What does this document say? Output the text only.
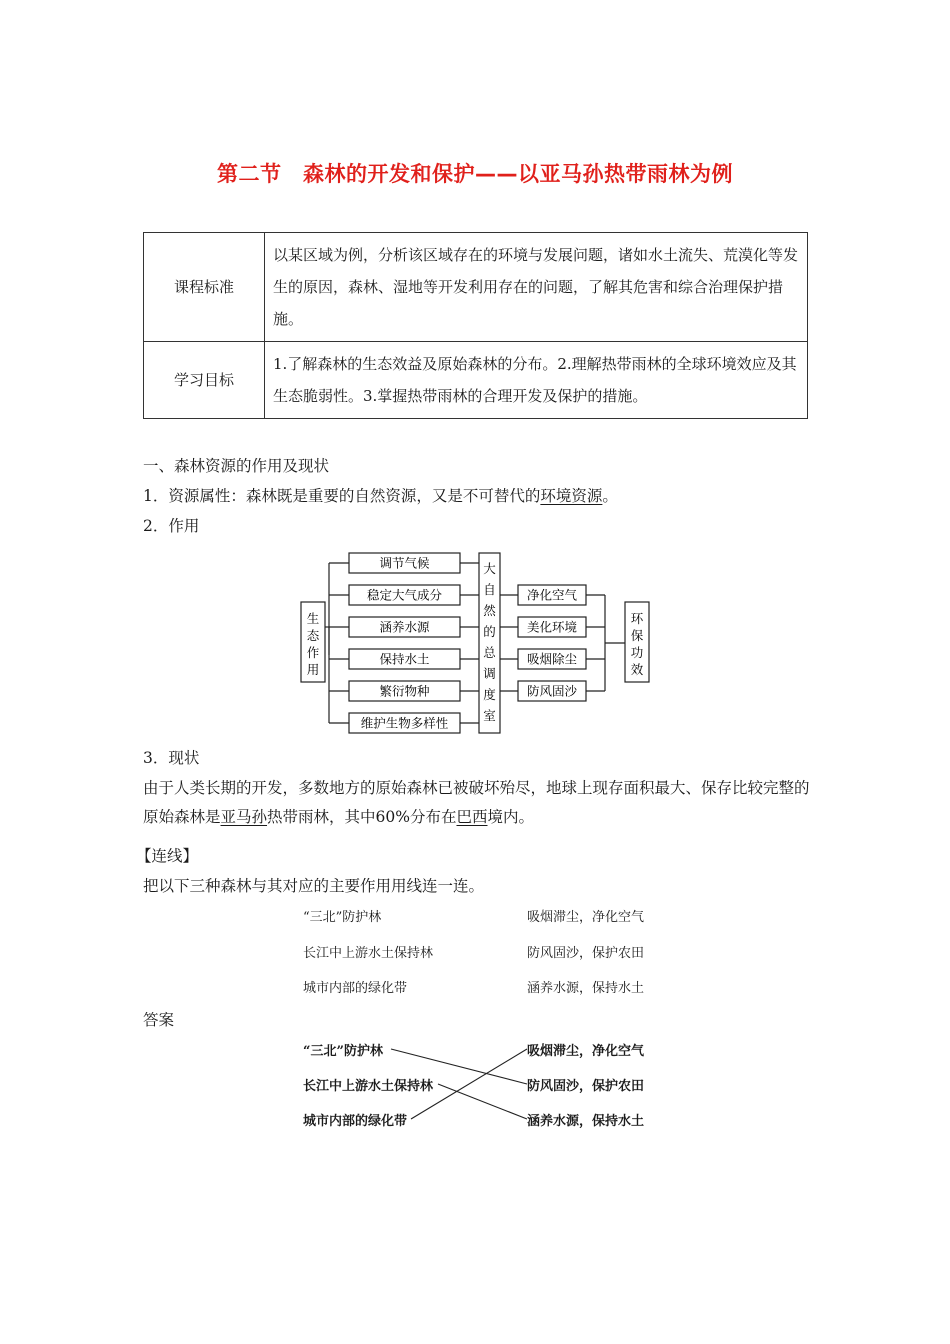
第二节　森林的开发和保护——以亚马孙热带雨林为例
课程标准	以某区域为例，分析该区域存在的环境与发展问题，诸如水土流失、荒漠化等发生的原因，森林、湿地等开发利用存在的问题，了解其危害和综合治理保护措施。
学习目标	1.了解森林的生态效益及原始森林的分布。2.理解热带雨林的全球环境效应及其生态脆弱性。3.掌握热带雨林的合理开发及保护的措施。
一、森林资源的作用及现状
1．资源属性：森林既是重要的自然资源，又是不可替代的环境资源。
2．作用
生态作用
调节气候
稳定大气成分
涵养水源
保持水土
繁衍物种
维护生物多样性
大自然的总调度室
净化空气
美化环境
吸烟除尘
防风固沙
环保功效
3．现状
由于人类长期的开发，多数地方的原始森林已被破坏殆尽，地球上现存面积最大、保存比较完整的原始森林是亚马孙热带雨林，其中60%分布在巴西境内。
【连线】
把以下三种森林与其对应的主要作用用线连一连。
“三北”防护林
长江中上游水土保持林
城市内部的绿化带
吸烟滞尘，净化空气
防风固沙，保护农田
涵养水源，保持水土
答案
“三北”防护林
长江中上游水土保持林
城市内部的绿化带
吸烟滞尘，净化空气
防风固沙，保护农田
涵养水源，保持水土
